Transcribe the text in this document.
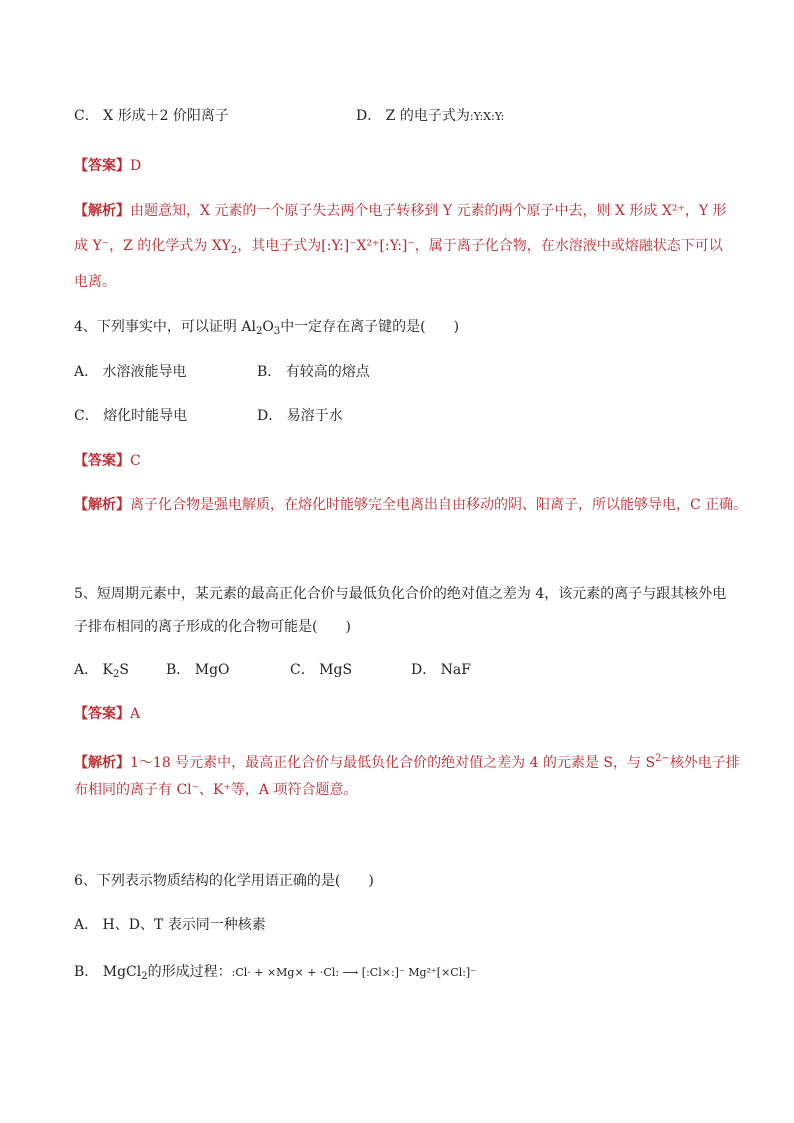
C． X 形成＋2 价阳离子	D． Z 的电子式为:Y:X:Y:
【答案】D
【解析】由题意知，X 元素的一个原子失去两个电子转移到 Y 元素的两个原子中去，则 X 形成 X²⁺，Y 形
成 Y⁻，Z 的化学式为 $XY_2$，其电子式为[:Y:]⁻X²⁺[:Y:]⁻，属于离子化合物，在水溶液中或熔融状态下可以
电离。
4、下列事实中，可以证明 $Al_2O_3$中一定存在离子键的是(　　)
A． 水溶液能导电	B． 有较高的熔点
C． 熔化时能导电	D． 易溶于水
【答案】C
【解析】离子化合物是强电解质，在熔化时能够完全电离出自由移动的阴、阳离子，所以能够导电，C 正确。
5、短周期元素中，某元素的最高正化合价与最低负化合价的绝对值之差为 4，该元素的离子与跟其核外电
子排布相同的离子形成的化合物可能是(　　)
A． $K_2S$	B． MgO	C． MgS	D． NaF
【答案】A
【解析】1～18 号元素中，最高正化合价与最低负化合价的绝对值之差为 4 的元素是 S，与 $S^{2-}$核外电子排
布相同的离子有 Cl⁻、K⁺等，A 项符合题意。
6、下列表示物质结构的化学用语正确的是(　　)
A． H、D、T 表示同一种核素
B． MgCl$_2$的形成过程：:Cl· + ×Mg× + ·Cl: ⟶ [:Cl×:]⁻ Mg²⁺[×Cl:]⁻
